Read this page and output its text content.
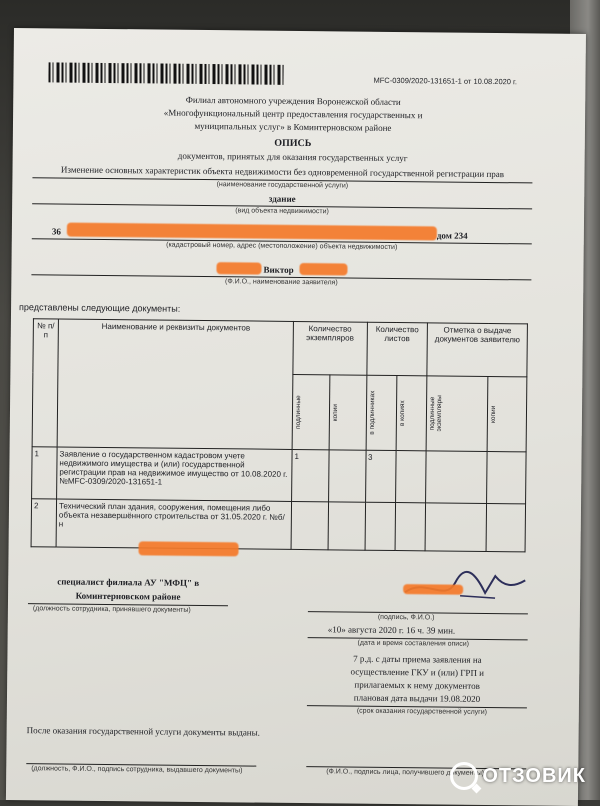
MFC-0309/2020-131651-1 от 10.08.2020 г.
Филиал автономного учреждения Воронежской области
«Многофункциональный центр предоставления государственных и
муниципальных услуг» в Коминтерновском районе
ОПИСЬ
документов, принятых для оказания государственных услуг
Изменение основных характеристик объекта недвижимости без одновременной государственной регистрации прав
(наименование государственной услуги)
здание
(вид объекта недвижимости)
36	дом 234
(кадастровый номер, адрес (местоположение) объекта недвижимости)
Виктор
(Ф.И.О., наименование заявителя)
представлены следующие документы:
№ п/п	Наименование и реквизиты документов	Количество экземпляров		Количество листов		Отметка о выдаче документов заявителю	

		подлинные	копии	в подлинниках	в копиях	подлинные экземпляры	копии

1	Заявление о государственном кадастровом учете недвижимого имущества и (или) государственной регистрации прав на недвижимое имущество от 10.08.2020 г. №MFC-0309/2020-131651-1	1		3			
2	Технический план здания, сооружения, помещения либо объекта незавершённого строительства от 31.05.2020 г. №б/н						
специалист филиала АУ "МФЦ" в
Коминтерновском районе
(должность сотрудника, принявшего документы)
(подпись, Ф.И.О.)
«10» августа 2020 г. 16 ч. 39 мин.
(дата и время составления описи)
7 р.д. с даты приема заявления на
осуществление ГКУ и (или) ГРП и
прилагаемых к нему документов
плановая дата выдачи 19.08.2020
(срок оказания государственной услуги)
После оказания государственной услуги документы выданы.
(должность, Ф.И.О., подпись сотрудника, выдавшего документы)	(Ф.И.О., подпись лица, получившего документы)
ОТЗОВИК
